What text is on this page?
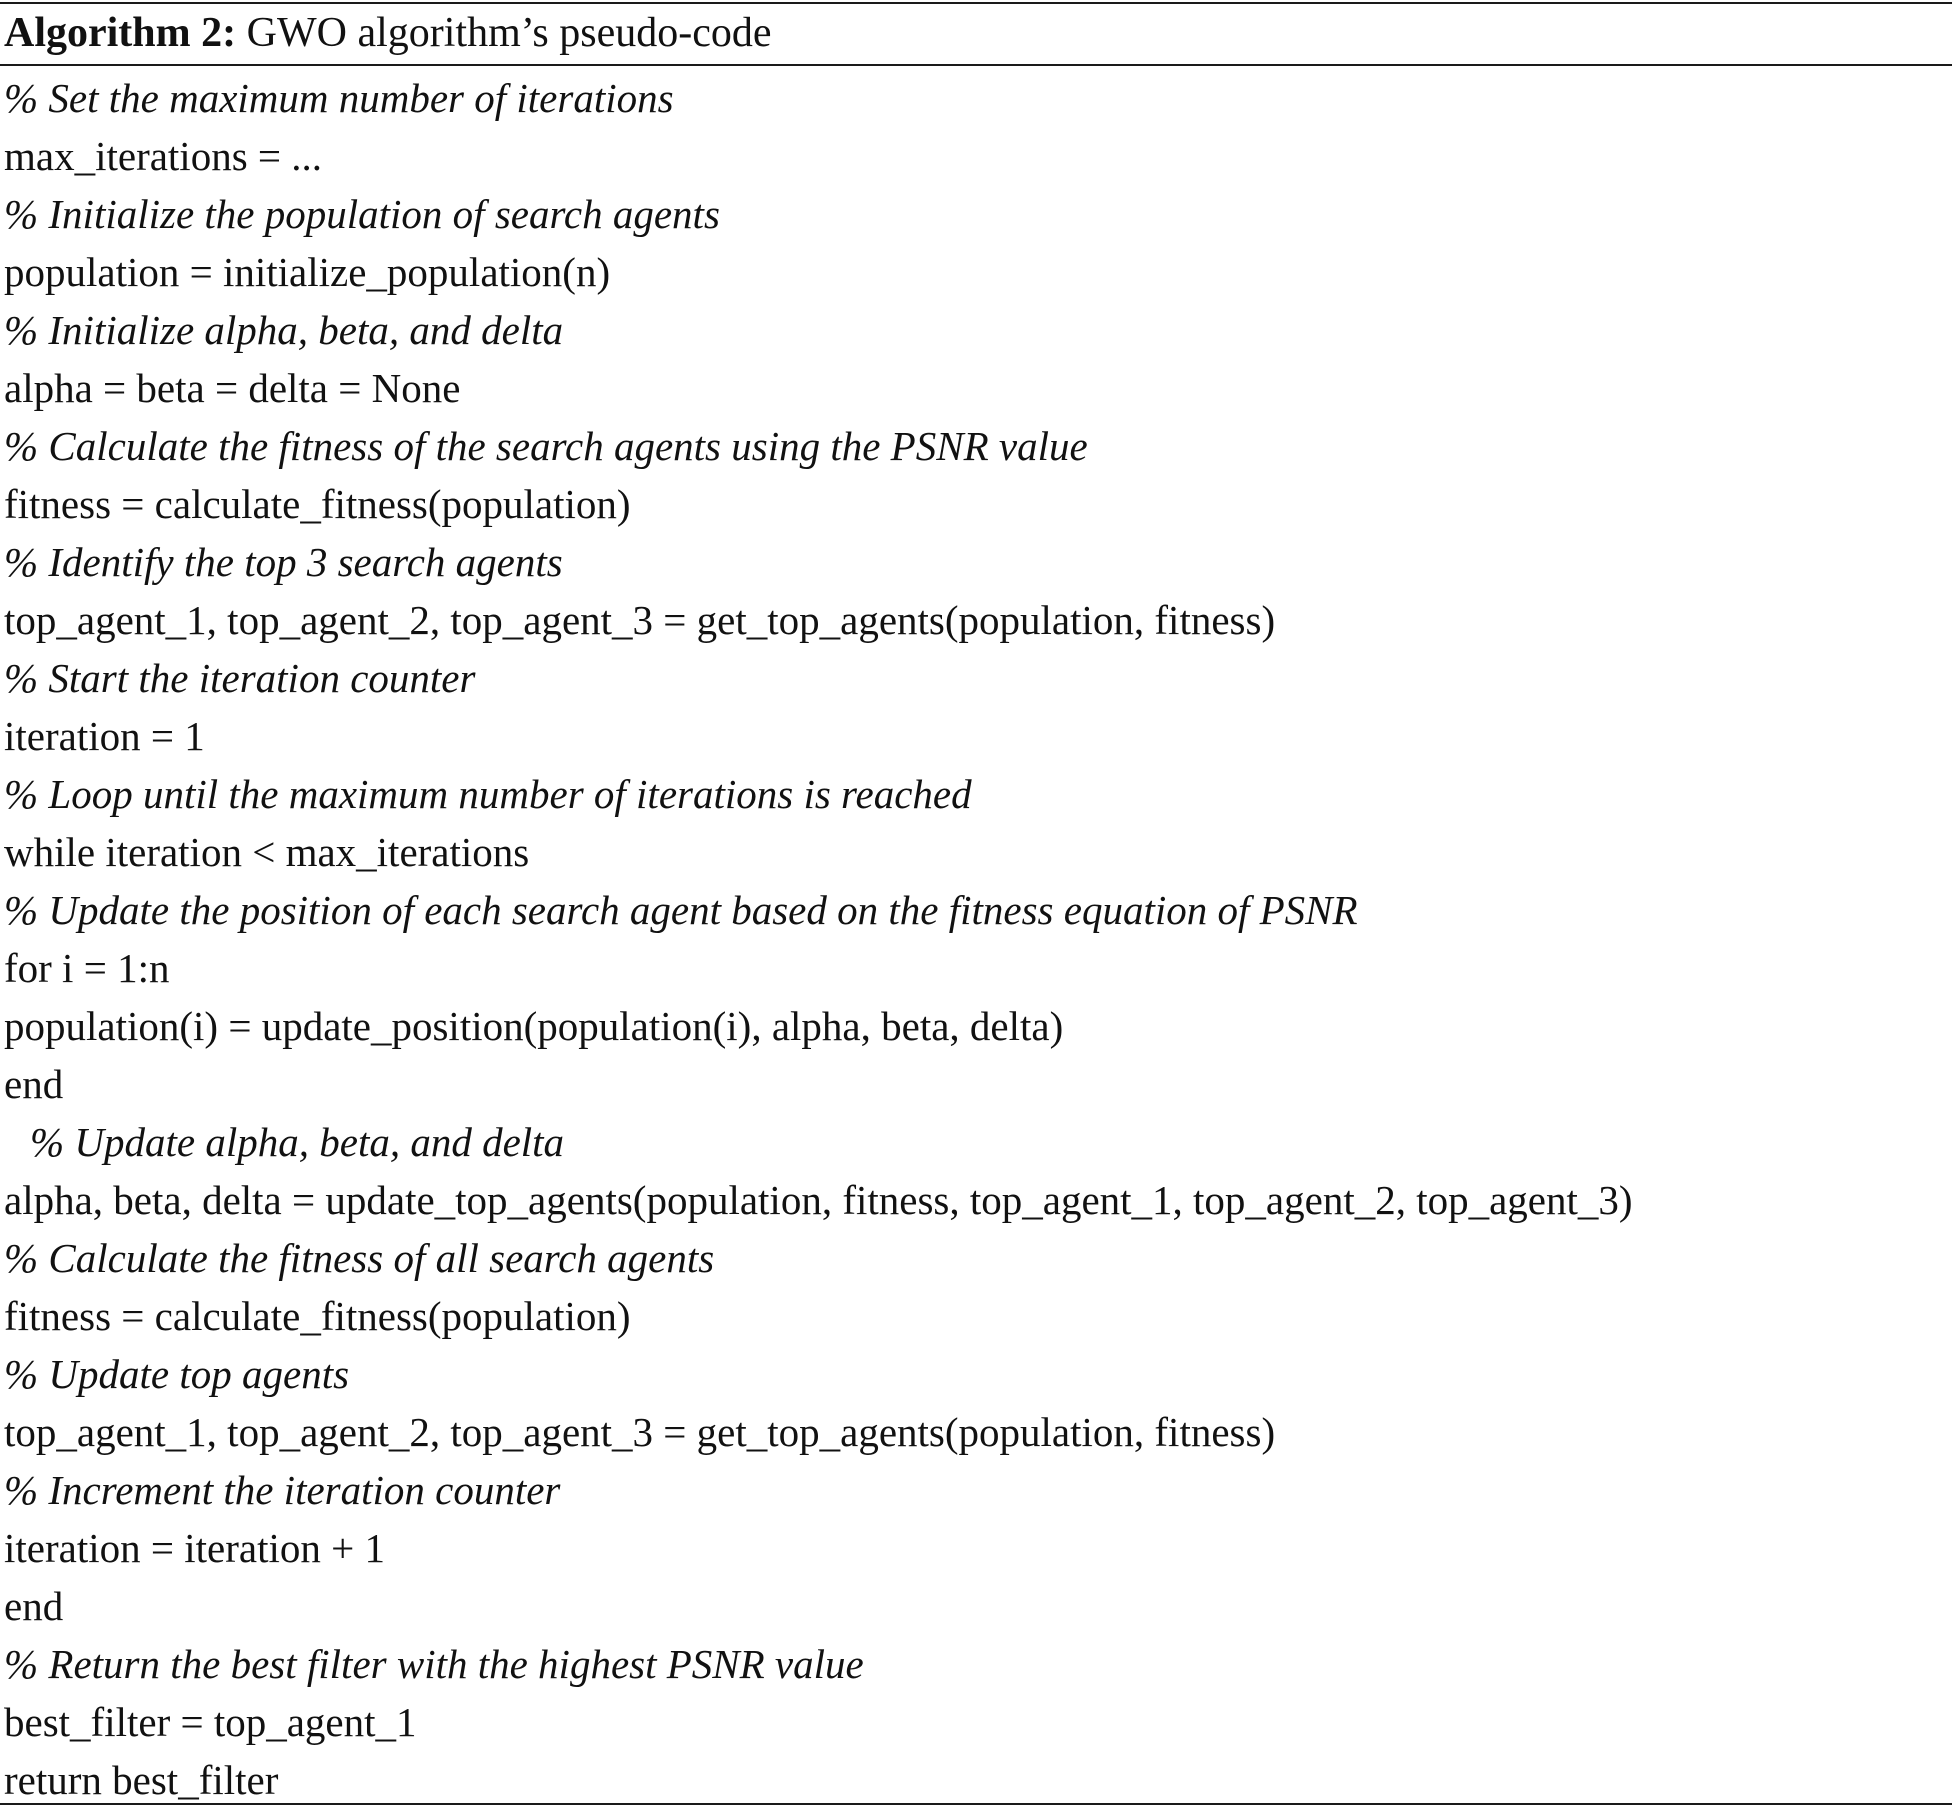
Algorithm 2: GWO algorithm’s pseudo-code
% Set the maximum number of iterations
max_iterations = ...
% Initialize the population of search agents
population = initialize_population(n)
% Initialize alpha, beta, and delta
alpha = beta = delta = None
% Calculate the fitness of the search agents using the PSNR value
fitness = calculate_fitness(population)
% Identify the top 3 search agents
top_agent_1, top_agent_2, top_agent_3 = get_top_agents(population, fitness)
% Start the iteration counter
iteration = 1
% Loop until the maximum number of iterations is reached
while iteration < max_iterations
% Update the position of each search agent based on the fitness equation of PSNR
for i = 1:n
population(i) = update_position(population(i), alpha, beta, delta)
end
% Update alpha, beta, and delta
alpha, beta, delta = update_top_agents(population, fitness, top_agent_1, top_agent_2, top_agent_3)
% Calculate the fitness of all search agents
fitness = calculate_fitness(population)
% Update top agents
top_agent_1, top_agent_2, top_agent_3 = get_top_agents(population, fitness)
% Increment the iteration counter
iteration = iteration + 1
end
% Return the best filter with the highest PSNR value
best_filter = top_agent_1
return best_filter
